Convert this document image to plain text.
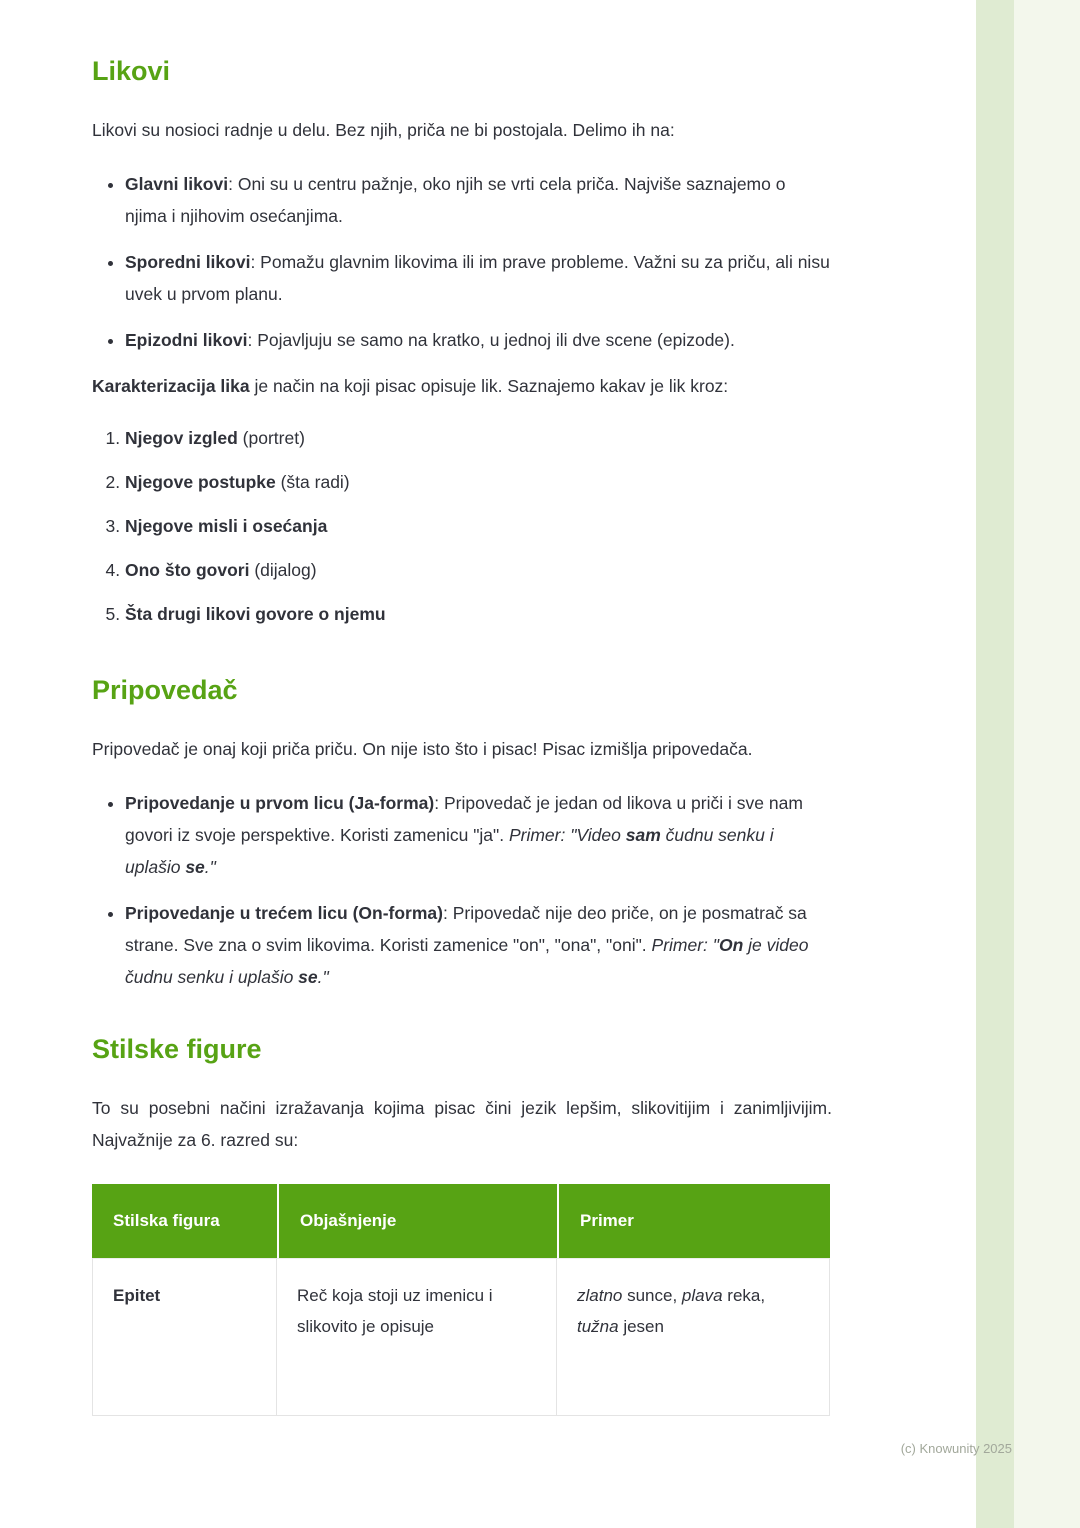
(c) Knowunity 2025
Likovi

Likovi su nosioci radnje u delu. Bez njih, priča ne bi postojala. Delimo ih na:

• Glavni likovi: Oni su u centru pažnje, oko njih se vrti cela priča. Najviše saznajemo o njima i njihovim osećanjima.
• Sporedni likovi: Pomažu glavnim likovima ili im prave probleme. Važni su za priču, ali nisu uvek u prvom planu.
• Epizodni likovi: Pojavljuju se samo na kratko, u jednoj ili dve scene (epizode).

Karakterizacija lika je način na koji pisac opisuje lik. Saznajemo kakav je lik kroz:

1. Njegov izgled (portret)
2. Njegove postupke (šta radi)
3. Njegove misli i osećanja
4. Ono što govori (dijalog)
5. Šta drugi likovi govore o njemu
Pripovedač

Pripovedač je onaj koji priča priču. On nije isto što i pisac! Pisac izmišlja pripovedača.

• Pripovedanje u prvom licu (Ja-forma): Pripovedač je jedan od likova u priči i sve nam govori iz svoje perspektive. Koristi zamenicu "ja". Primer: "Video sam čudnu senku i uplašio se."
• Pripovedanje u trećem licu (On-forma): Pripovedač nije deo priče, on je posmatrač sa strane. Sve zna o svim likovima. Koristi zamenice "on", "ona", "oni". Primer: "On je video čudnu senku i uplašio se."
Stilske figure

To su posebni načini izražavanja kojima pisac čini jezik lepšim, slikovitijim i zanimljivijim. Najvažnije za 6. razred su:

Stilska figura	Objašnjenje	Primer
Epitet	Reč koja stoji uz imenicu i slikovito je opisuje	zlatno sunce, plava reka, tužna jesen
